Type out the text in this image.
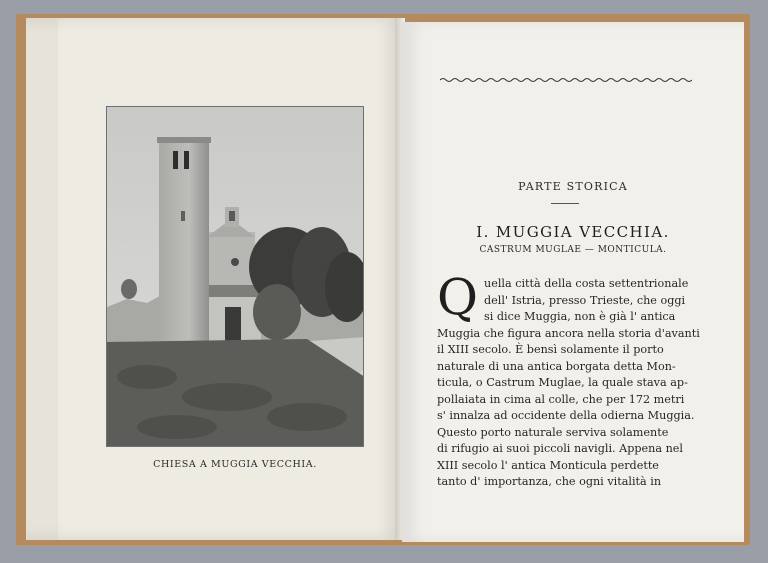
CHIESA A MUGGIA VECCHIA.
PARTE STORICA
I. MUGGIA VECCHIA.
CASTRUM MUGLAE — MONTICULA.
Q uella città della costa settentrionale
dell' Istria, presso Trieste, che oggi
si dice Muggia, non è già l' antica
Muggia che figura ancora nella storia d'avanti
il XIII secolo. È bensì solamente il porto
naturale di una antica borgata detta Mon-
ticula, o Castrum Muglae, la quale stava ap-
pollaiata in cima al colle, che per 172 metri
s' innalza ad occidente della odierna Muggia.
Questo porto naturale serviva solamente
di rifugio ai suoi piccoli navigli. Appena nel
XIII secolo l' antica Monticula perdette
tanto d' importanza, che ogni vitalità in
